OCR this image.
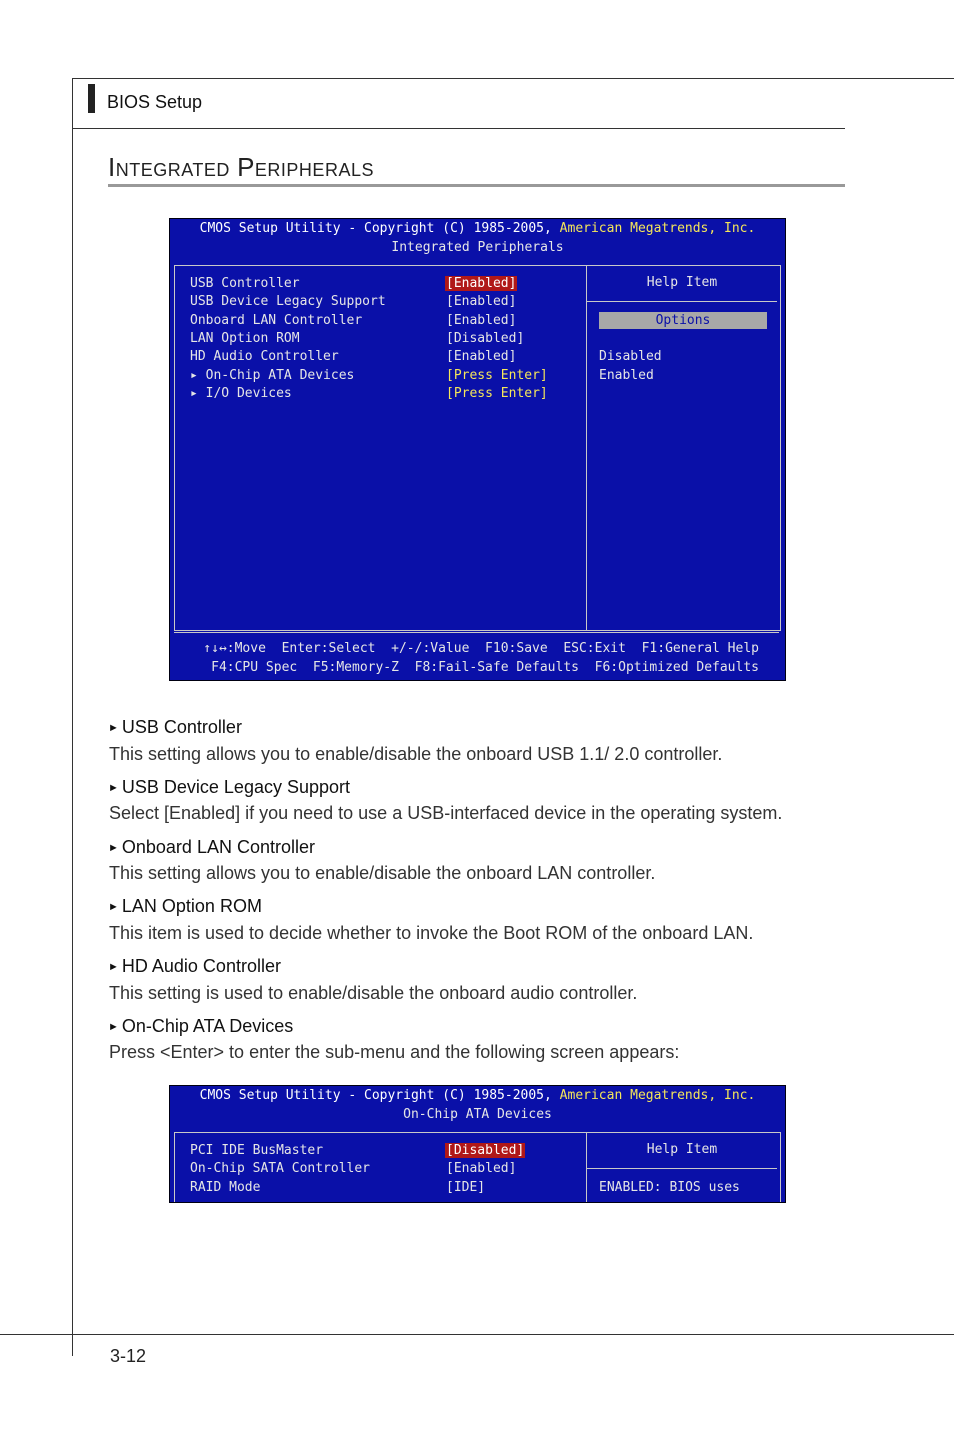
BIOS Setup
INTEGRATED PERIPHERALS
CMOS Setup Utility - Copyright (C) 1985-2005, American Megatrends, Inc.
Integrated Peripherals
USB Controller	[Enabled]
USB Device Legacy Support	[Enabled]
Onboard LAN Controller	[Enabled]
LAN Option ROM	[Disabled]
HD Audio Controller	[Enabled]
▸ On-Chip ATA Devices	[Press Enter]
▸ I/O Devices	[Press Enter]
Help Item
Options
Disabled
Enabled
↑↓↔:Move  Enter:Select  +/-/:Value  F10:Save  ESC:Exit  F1:General Help
F4:CPU Spec  F5:Memory-Z  F8:Fail-Safe Defaults  F6:Optimized Defaults
► USB Controller
This setting allows you to enable/disable the onboard USB 1.1/ 2.0 controller.
► USB Device Legacy Support
Select [Enabled] if you need to use a USB-interfaced device in the operating system.
► Onboard LAN Controller
This setting allows you to enable/disable the onboard LAN controller.
► LAN Option ROM
This item is used to decide whether to invoke the Boot ROM of the onboard LAN.
► HD Audio Controller
This setting is used to enable/disable the onboard audio controller.
► On-Chip ATA Devices
Press <Enter> to enter the sub-menu and the following screen appears:
CMOS Setup Utility - Copyright (C) 1985-2005, American Megatrends, Inc.
On-Chip ATA Devices
PCI IDE BusMaster	[Disabled]
On-Chip SATA Controller	[Enabled]
RAID Mode	[IDE]
Help Item
ENABLED: BIOS uses
3-12
